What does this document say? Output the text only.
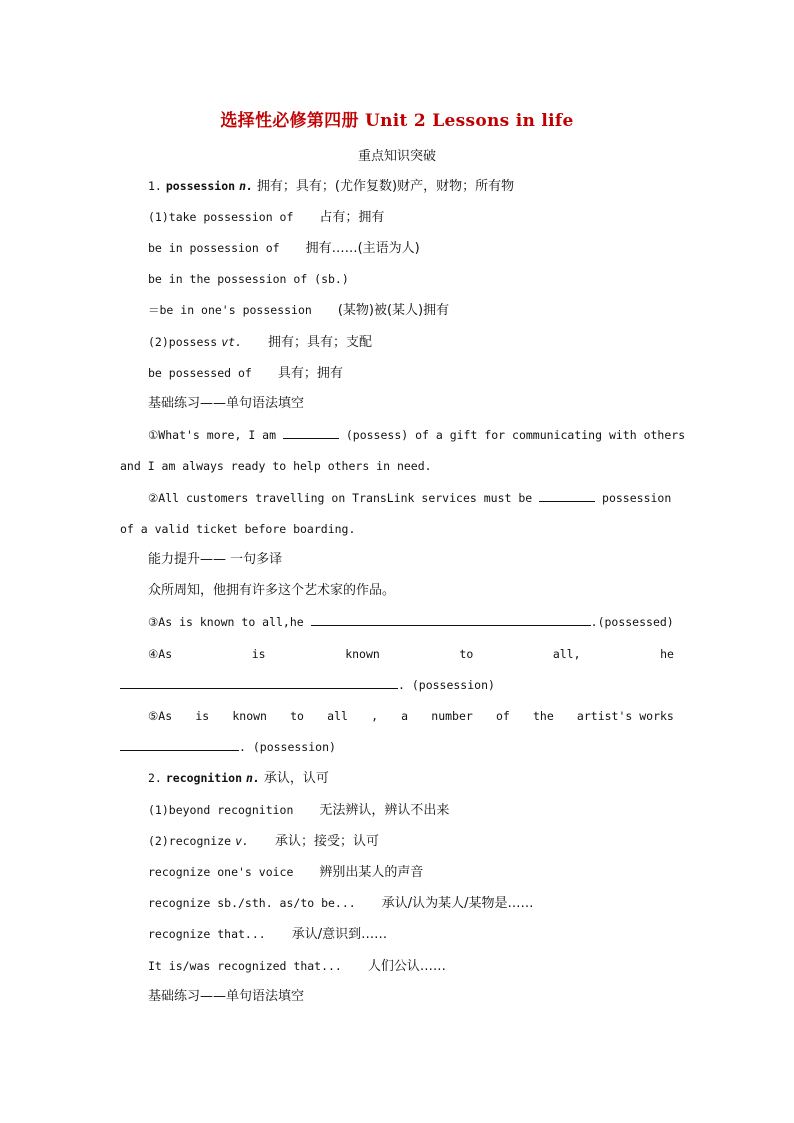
选择性必修第四册 Unit 2 Lessons in life
重点知识突破
1. possession n. 拥有；具有；(尤作复数)财产，财物；所有物
(1)take possession of 占有；拥有
be in possession of 拥有……(主语为人)
be in the possession of (sb.)
＝be in one's possession (某物)被(某人)拥有
(2)possess vt. 拥有；具有；支配
be possessed of 具有；拥有
基础练习——单句语法填空
①What's more, I am	(possess) of a gift for communicating with others
and I am always ready to help others in need.
②All customers travelling on TransLink services must be	possession
of a valid ticket before boarding.
能力提升—— 一句多译
众所周知，他拥有许多这个艺术家的作品。
③As is known to all,he	.(possessed)
④As	is	known	to	all,	he
. (possession)
⑤As is known to all , a number of the artist's works
. (possession)
2. recognition n. 承认，认可
(1)beyond recognition 无法辨认，辨认不出来
(2)recognize v. 承认；接受；认可
recognize one's voice 辨别出某人的声音
recognize sb./sth. as/to be... 承认/认为某人/某物是……
recognize that... 承认/意识到……
It is/was recognized that... 人们公认……
基础练习——单句语法填空
